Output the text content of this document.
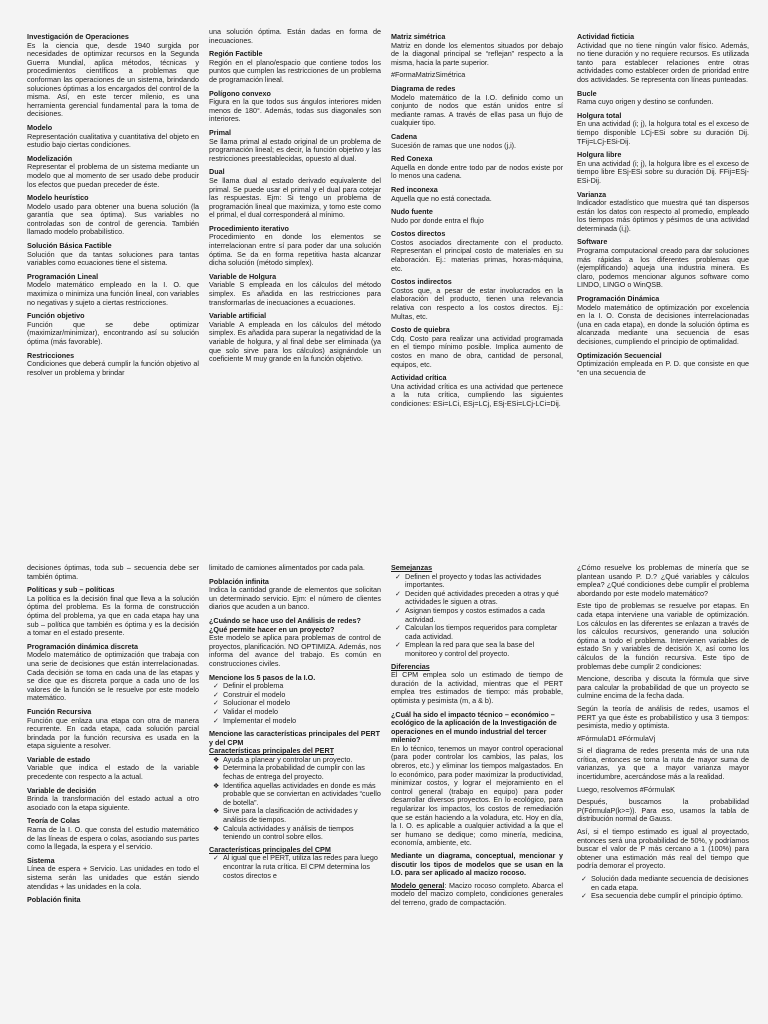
Investigación de Operaciones
Es la ciencia que, desde 1940 surgida por necesidades de optimizar recursos en la Segunda Guerra Mundial, aplica métodos, técnicas y procedimientos científicos a problemas que conforman las operaciones de un sistema, brindando soluciones óptimas a los encargados del control de la misma. Así, en este tercer milenio, es una herramienta gerencial fundamental para la toma de decisiones.
Modelo
Representación cualitativa y cuantitativa del objeto en estudio bajo ciertas condiciones.
Modelización
Representar el problema de un sistema mediante un modelo que al momento de ser usado debe producir los efectos que puedan preceder de éste.
Modelo heurístico
Modelo usado para obtener una buena solución (la garantía que sea óptima). Sus variables no controladas son de control de gerencia. También llamado modelo probabilístico.
Solución Básica Factible
Solución que da tantas soluciones para tantas variables como ecuaciones tiene el sistema.
Programación Lineal
Modelo matemático empleado en la I. O. que maximiza o minimiza una función lineal, con variables no negativas y sujeto a ciertas restricciones.
Función objetivo
Función que se debe optimizar (maximizar/minimizar), encontrando así su solución óptima (más favorable).
Restricciones
Condiciones que deberá cumplir la función objetivo al resolver un problema y brindar
una solución óptima. Están dadas en forma de inecuaciones.
Región Factible
Región en el plano/espacio que contiene todos los puntos que cumplen las restricciones de un problema de programación lineal.
Polígono convexo
Figura en la que todos sus ángulos interiores miden menos de 180°. Además, todas sus diagonales son interiores.
Primal
Se llama primal al estado original de un problema de programación lineal; es decir, la función objetivo y las restricciones preestablecidas, opuesto al dual.
Dual
Se llama dual al estado derivado equivalente del primal. Se puede usar el primal y el dual para cotejar las respuestas. Ejm: Si tengo un problema de programación lineal que maximiza, y tomo este como el primal, el dual corresponderá al mínimo.
Procedimiento iterativo
Procedimiento en donde los elementos se interrelacionan entre sí para poder dar una solución óptima. Se da en forma repetitiva hasta alcanzar dicha solución (método simplex).
Variable de Holgura
Variable S empleada en los cálculos del método simplex. Es añadida en las restricciones para transformarlas de inecuaciones a ecuaciones.
Variable artificial
Variable A empleada en los cálculos del método simplex. Es añadida para superar la negatividad de la variable de holgura, y al final debe ser eliminada (ya que solo sirve para los cálculos) asignándole un coeficiente M muy grande en la función objetivo.
Matriz simétrica
Matriz en donde los elementos situados por debajo de la diagonal principal se “reflejan” respecto a la misma, hacia la parte superior.
#FormaMatrizSimétrica
Diagrama de redes
Modelo matemático de la I.O. definido como un conjunto de nodos que están unidos entre sí mediante ramas. A través de ellas pasa un flujo de cualquier tipo.
Cadena
Sucesión de ramas que une nodos (j,i).
Red Conexa
Aquella en donde entre todo par de nodos existe por lo menos una cadena.
Red inconexa
Aquella que no está conectada.
Nudo fuente
Nudo por donde entra el flujo
Costos directos
Costos asociados directamente con el producto. Representan el principal costo de materiales en su elaboración. Ej.: materias primas, horas-máquina, etc.
Costos indirectos
Costos que, a pesar de estar involucrados en la elaboración del producto, tienen una relevancia relativa con respecto a los costos directos. Ej.: Multas, etc.
Costo de quiebra
Cdq. Costo para realizar una actividad programada en el tiempo mínimo posible. Implica aumento de costos en mano de obra, cantidad de personal, equipos, etc.
Actividad crítica
Una actividad crítica es una actividad que pertenece a la ruta crítica, cumpliendo las siguientes condiciones: ESi=LCi, ESj=LCj, ESj-ESi=LCj-LCi=Dij.
Actividad ficticia
Actividad que no tiene ningún valor físico. Además, no tiene duración y no requiere recursos. Es utilizada tanto para establecer relaciones entre otras actividades como establecer orden de prioridad entre dos actividades. Se representa con líneas punteadas.
Bucle
Rama cuyo origen y destino se confunden.
Holgura total
En una actividad (i; j), la holgura total es el exceso de tiempo disponible LCj-ESi sobre su duración Dij. TFij=LCj-ESi-Dij.
Holgura libre
En una actividad (i; j), la holgura libre es el exceso de tiempo libre ESj-ESi sobre su duración Dij. FFij=ESj-ESi-Dij.
Varianza
Indicador estadístico que muestra qué tan dispersos están los datos con respecto al promedio, empleado los tiempos más óptimos y pésimos de una actividad determinada (i,j).
Software
Programa computacional creado para dar soluciones más rápidas a los diferentes problemas que (ejemplificando) aqueja una industria minera. Es claro, podemos mencionar algunos software como LINDO, LINGO o WinQSB.
Programación Dinámica
Modelo matemático de optimización por excelencia en la I. O. Consta de decisiones interrelacionadas (una en cada etapa), en donde la solución óptima es alcanzada mediante una secuencia de esas decisiones, cumpliendo el principio de optimalidad.
Optimización Secuencial
Optimización empleada en P. D. que consiste en que “en una secuencia de
decisiones óptimas, toda sub – secuencia debe ser también óptima.
Políticas y sub – políticas
La política es la decisión final que lleva a la solución óptima del problema. Es la forma de construcción óptima del problema, ya que en cada etapa hay una sub – política que también es óptima y es la decisión a tomar en el estado presente.
Programación dinámica discreta
Modelo matemático de optimización que trabaja con una serie de decisiones que están interrelacionadas. Cada decisión se toma en cada una de las etapas y se dice que es discreta porque a cada uno de los valores de la función se le resuelve por este modelo matemático.
Función Recursiva
Función que enlaza una etapa con otra de manera recurrente. En cada etapa, cada solución parcial brindada por la función recursiva es usada en la etapa siguiente a resolver.
Variable de estado
Variable que indica el estado de la variable precedente con respecto a la actual.
Variable de decisión
Brinda la transformación del estado actual a otro asociado con la etapa siguiente.
Teoría de Colas
Rama de la I. O. que consta del estudio matemático de las líneas de espera o colas, asociando sus partes como la llegada, la espera y el servicio.
Sistema
Línea de espera + Servicio. Las unidades en todo el sistema serán las unidades que están siendo atendidas + las unidades en la cola.
Población finita
limitado de camiones alimentados por cada pala.
Población infinita
Indica la cantidad grande de elementos que solicitan un determinado servicio. Ejm: el número de clientes diarios que acuden a un banco.
¿Cuándo se hace uso del Análisis de redes? ¿Qué permite hacer en un proyecto?
Este modelo se aplica para problemas de control de proyectos, planificación. NO OPTIMIZA. Además, nos informa del avance del trabajo. Es común en construcciones civiles.
Mencione los 5 pasos de la I.O.
✓ Definir el problema
✓ Construir el modelo
✓ Solucionar el modelo
✓ Validar el modelo
✓ Implementar el modelo
Mencione las características principales del PERT y del CPM
Características principales del PERT
❖ Ayuda a planear y controlar un proyecto.
❖ Determina la probabilidad de cumplir con las fechas de entrega del proyecto.
❖ Identifica aquellas actividades en donde es más probable que se conviertan en actividades “cuello de botella”.
❖ Sirve para la clasificación de actividades y análisis de tiempos.
❖ Calcula actividades y análisis de tiempos teniendo un control sobre ellos.
Características principales del CPM
✓ Al igual que el PERT, utiliza las redes para luego encontrar la ruta crítica. El CPM determina los costos directos e
Semejanzas
✓ Definen el proyecto y todas las actividades importantes.
✓ Deciden qué actividades preceden a otras y qué actividades le siguen a otras.
✓ Asignan tiempos y costos estimados a cada actividad.
✓ Calculan los tiempos requeridos para completar cada actividad.
✓ Emplean la red para que sea la base del monitoreo y control del proyecto.
Diferencias
El CPM emplea solo un estimado de tiempo de duración de la actividad, mientras que el PERT emplea tres estimados de tiempo: más probable, optimista y pesimista (m, a & b).
¿Cuál ha sido el impacto técnico – económico – ecológico de la aplicación de la Investigación de operaciones en el mundo industrial del tercer milenio?
En lo técnico, tenemos un mayor control operacional (para poder controlar los cambios, las palas, los obreros, etc.) y eliminar los tiempos malgastados. En lo económico, para poder maximizar la productividad, minimizar costos, y lograr el mejoramiento en el control general (trabajo en equipo) para poder desarrollar diversos proyectos. En lo ecológico, para regularizar los impactos, los costos de remediación que se están haciendo a la voladura, etc. Hoy en día, la I. O. es aplicable a cualquier actividad a la que el ser humano se dedique; como minería, medicina, economía, ambiente, etc.
Mediante un diagrama, conceptual, mencionar y discutir los tipos de modelos que se usan en la I.O. para ser aplicado al macizo rocoso.
Modelo general: Macizo rocoso completo. Abarca el modelo del macizo completo, condiciones generales del terreno, grado de compactación.
¿Cómo resuelve los problemas de minería que se plantean usando P. D.? ¿Qué variables y cálculos emplea? ¿Qué condiciones debe cumplir el problema abordando por este modelo matemático?
Este tipo de problemas se resuelve por etapas. En cada etapa interviene una variable de optimización. Los cálculos en las diferentes se enlazan a través de los cálculos recursivos, generando una solución óptima a todo el problema. Intervienen variables de estado Sn y variables de decisión X, así como los cálculos de la función recursiva. Este tipo de problemas debe cumplir 2 condiciones:
Mencione, describa y discuta la fórmula que sirve para calcular la probabilidad de que un proyecto se culmine encima de la fecha dada.
Según la teoría de análisis de redes, usamos el PERT ya que éste es probabilístico y usa 3 tiempos: pesimista, medio y optimista.
#FórmulaD1 #FórmulaVj
Si el diagrama de redes presenta más de una ruta crítica, entonces se toma la ruta de mayor suma de varianzas, ya que a mayor varianza mayor incertidumbre, acercándose más a la realidad.
Luego, resolvemos #FórmulaK
Después, buscamos la probabilidad P(FórmulaP(k>=)). Para eso, usamos la tabla de distribución normal de Gauss.
Así, si el tiempo estimado es igual al proyectado, entonces será una probabilidad de 50%, y podríamos buscar el valor de P más cercano a 1 (100%) para obtener una estimación más real del tiempo que podría demorar el proyecto.
✓ Solución dada mediante secuencia de decisiones en cada etapa.
✓ Esa secuencia debe cumplir el principio óptimo.
